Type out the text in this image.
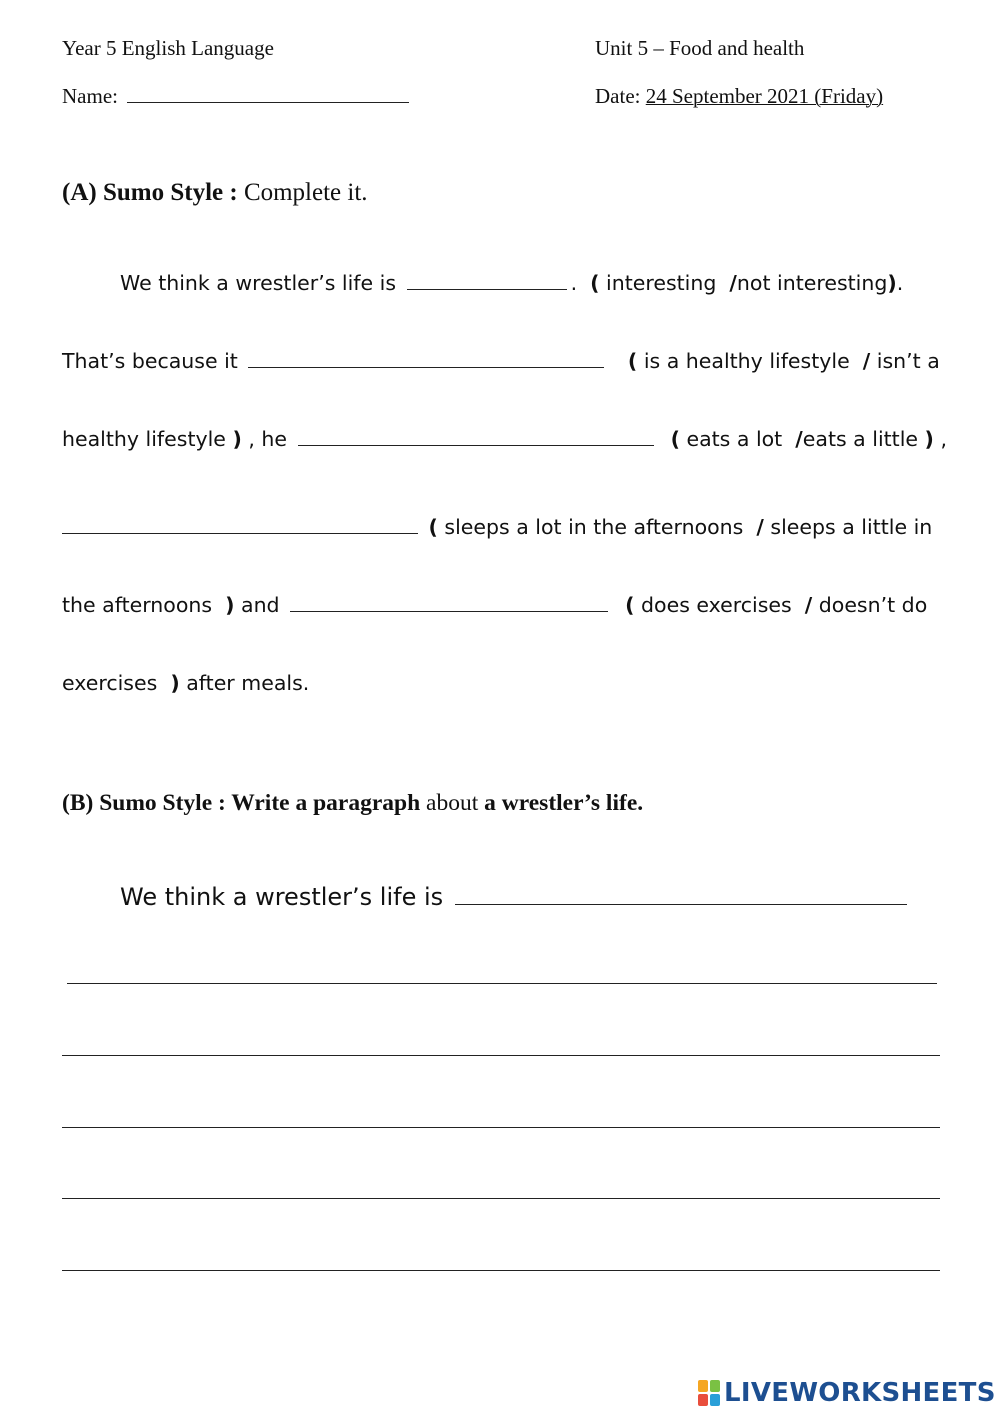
Year 5 English Language	Unit 5 – Food and health
Name:	Date: 24 September 2021 (Friday)
(A) Sumo Style : Complete it.
We think a wrestler’s life is	.  ( interesting  /not interesting).
That’s because it	( is a healthy lifestyle  / isn’t a
healthy lifestyle ) , he	( eats a lot  /eats a little ) ,
( sleeps a lot in the afternoons  / sleeps a little in
the afternoons  ) and	( does exercises  / doesn’t do
exercises  ) after meals.
(B) Sumo Style : Write a paragraph about a wrestler’s life.
We think a wrestler’s life is
LIVEWORKSHEETS
